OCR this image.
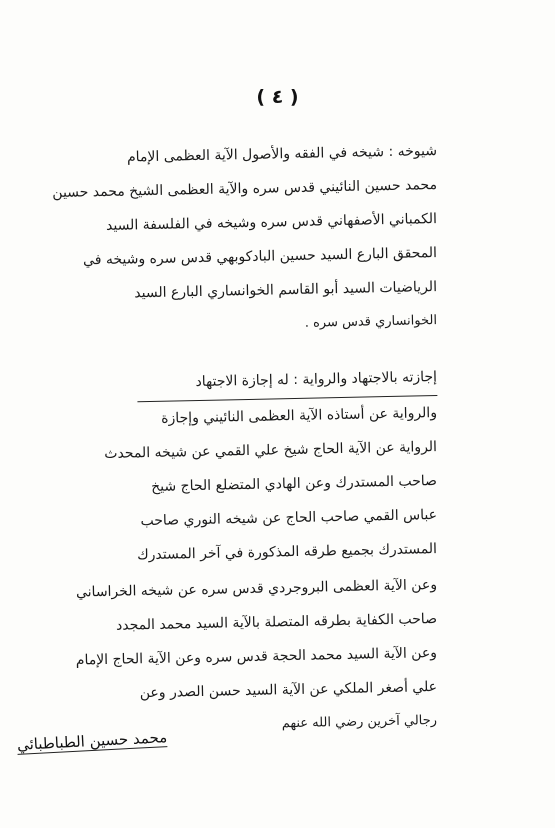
( ٤ )
شيوخه : شيخه في الفقه والأصول الآية العظمى الإمام
محمد حسين النائيني قدس سره والآية العظمى الشيخ محمد حسين
الكمباني الأصفهاني قدس سره وشيخه في الفلسفة السيد
المحقق البارع السيد حسين البادكوبهي قدس سره وشيخه في
الرياضيات السيد أبو القاسم الخوانساري البارع السيد
الخوانساري قدس سره .
إجازته بالاجتهاد والرواية : له إجازة الاجتهاد
والرواية عن أستاذه الآية العظمى النائيني وإجازة
الرواية عن الآية الحاج شيخ علي القمي عن شيخه المحدث
صاحب المستدرك وعن الهادي المتضلع الحاج شيخ
عباس القمي صاحب الحاج عن شيخه النوري صاحب
المستدرك بجميع طرقه المذكورة في آخر المستدرك
وعن الآية العظمى البروجردي قدس سره عن شيخه الخراساني
صاحب الكفاية بطرقه المتصلة بالآية السيد محمد المجدد
وعن الآية السيد محمد الحجة قدس سره وعن الآية الحاج الإمام
علي أصغر الملكي عن الآية السيد حسن الصدر وعن
رجالي آخرين رضي الله عنهم
محمد حسين الطباطبائي
